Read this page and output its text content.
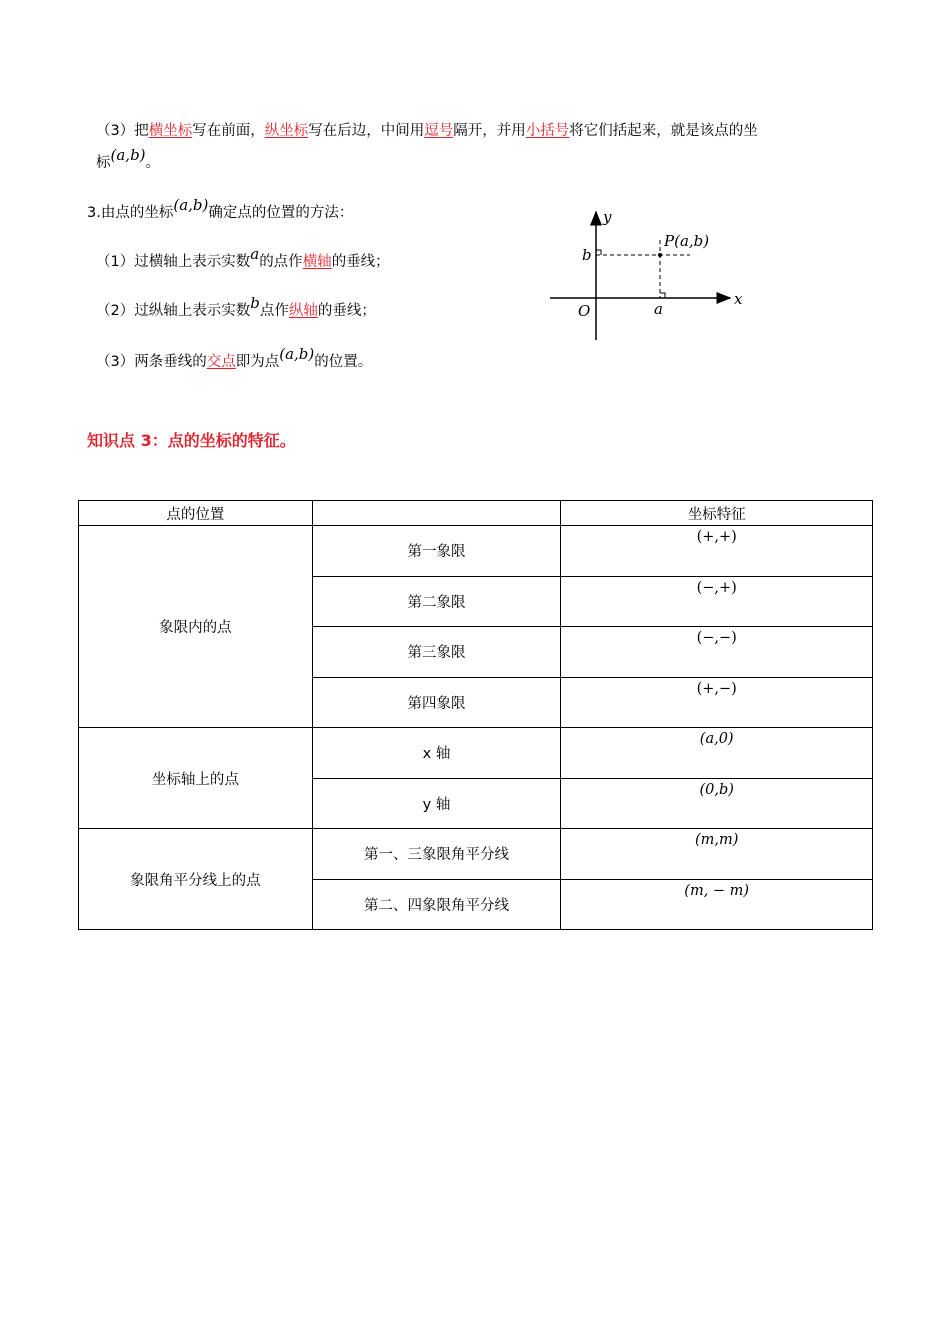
（3）把横坐标写在前面，纵坐标写在后边，中间用逗号隔开，并用小括号将它们括起来，就是该点的坐
标(a,b)。
3.由点的坐标(a,b)确定点的位置的方法：
（1）过横轴上表示实数a的点作横轴的垂线；
（2）过纵轴上表示实数b点作纵轴的垂线；
（3）两条垂线的交点即为点(a,b)的位置。
y
x
O
b
a
P(a,b)
知识点 3：点的坐标的特征。
点的位置		坐标特征
象限内的点	第一象限	(+,+)

	第二象限	(−,+)

	第三象限	(−,−)

	第四象限	(+,−)

坐标轴上的点	x 轴	(a,0)

	y 轴	(0,b)

象限角平分线上的点	第一、三象限角平分线	(m,m)

	第二、四象限角平分线	(m, − m)
